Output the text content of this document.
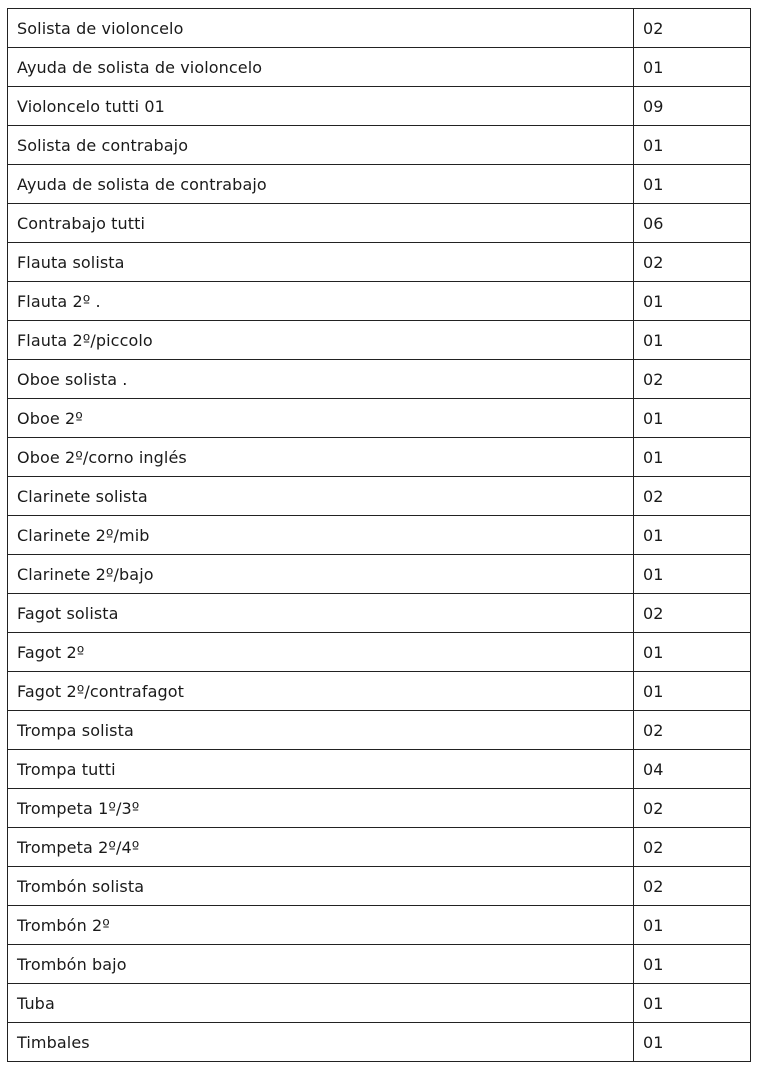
Solista de violoncelo	02
Ayuda de solista de violoncelo	01
Violoncelo tutti 01	09
Solista de contrabajo	01
Ayuda de solista de contrabajo	01
Contrabajo tutti	06
Flauta solista	02
Flauta 2º .	01
Flauta 2º/piccolo	01
Oboe solista .	02
Oboe 2º	01
Oboe 2º/corno inglés	01
Clarinete solista	02
Clarinete 2º/mib	01
Clarinete 2º/bajo	01
Fagot solista	02
Fagot 2º	01
Fagot 2º/contrafagot	01
Trompa solista	02
Trompa tutti	04
Trompeta 1º/3º	02
Trompeta 2º/4º	02
Trombón solista	02
Trombón 2º	01
Trombón bajo	01
Tuba	01
Timbales	01
